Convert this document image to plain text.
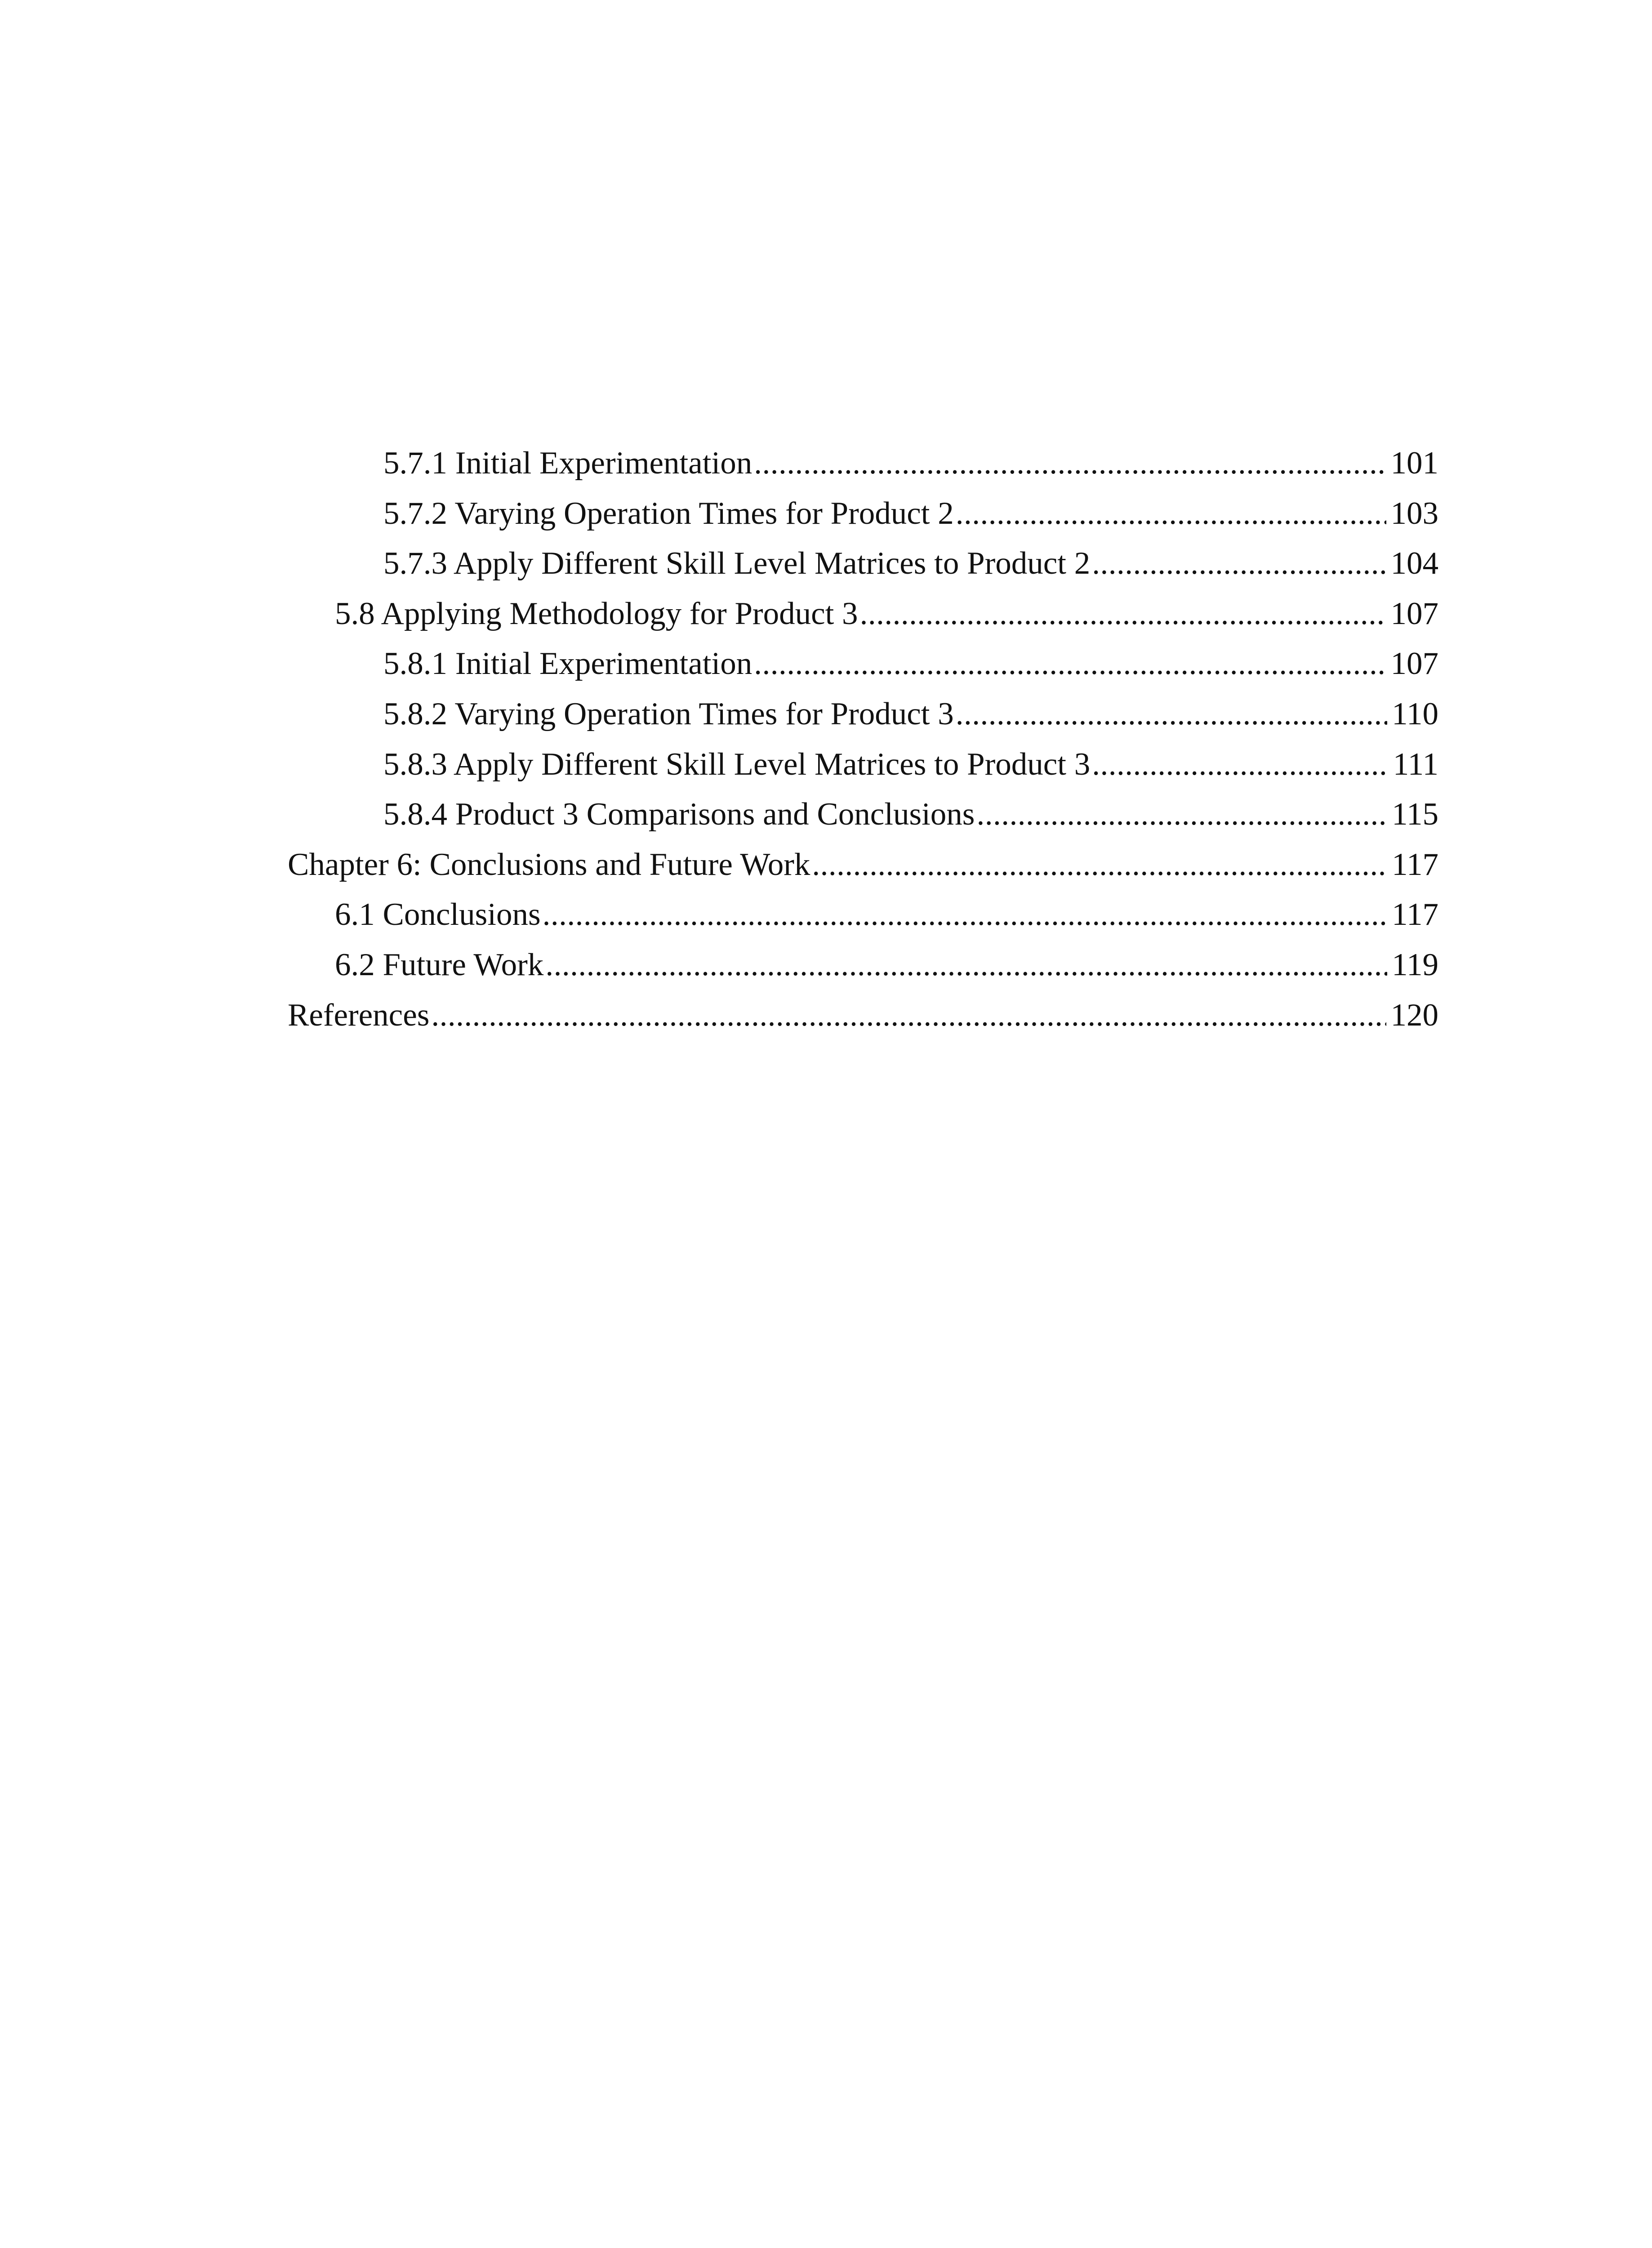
5.7.1 Initial Experimentation .....	101
5.7.2 Varying Operation Times for Product 2 .....	103
5.7.3 Apply Different Skill Level Matrices to Product 2 .....	104
5.8 Applying Methodology for Product 3 .....	107
5.8.1 Initial Experimentation .....	107
5.8.2 Varying Operation Times for Product 3 .....	110
5.8.3 Apply Different Skill Level Matrices to Product 3 .....	111
5.8.4 Product 3 Comparisons and Conclusions .....	115
Chapter 6: Conclusions and Future Work .....	117
6.1 Conclusions .....	117
6.2 Future Work .....	119
References .....	120
